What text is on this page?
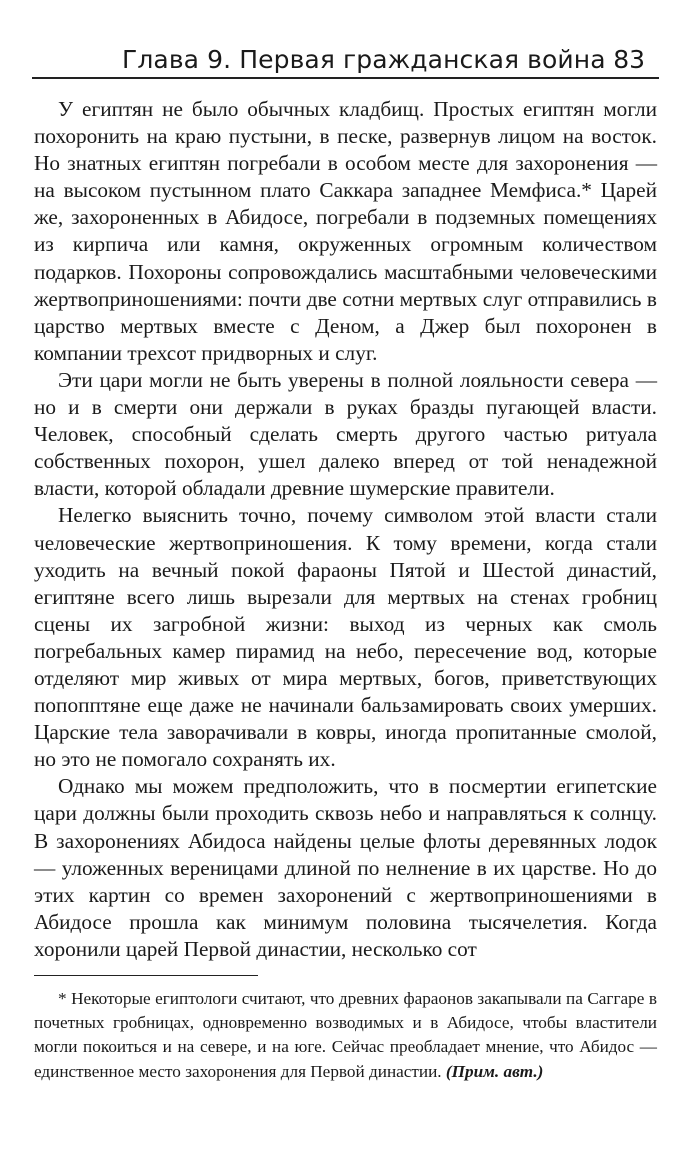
Глава 9. Первая гражданская война 83

У египтян не было обычных кладбищ. Простых египтян могли похоронить на краю пустыни, в песке, развернув лицом на восток. Но знатных египтян погребали в особом месте для захоронения — на высоком пустынном плато Саккара западнее Мемфиса.* Царей же, захороненных в Абидосе, погребали в подземных помещениях из кирпича или камня, окруженных огромным количеством подарков. Похороны сопровождались масштабными человеческими жертвоприношениями: почти две сотни мертвых слуг отправились в царство мертвых вместе с Деном, а Джер был похоронен в компании трехсот придворных и слуг.

Эти цари могли не быть уверены в полной лояльности севера — но и в смерти они держали в руках бразды пугающей власти. Человек, способный сделать смерть другого частью ритуала собственных похорон, ушел далеко вперед от той ненадежной власти, которой обладали древние шумерские правители.

Нелегко выяснить точно, почему символом этой власти стали человеческие жертвоприношения. К тому времени, когда стали уходить на вечный покой фараоны Пятой и Шестой династий, египтяне всего лишь вырезали для мертвых на стенах гробниц сцены их загробной жизни: выход из черных как смоль погребальных камер пирамид на небо, пересечение вод, которые отделяют мир живых от мира мертвых, богов, приветствующих попопптяне еще даже не начинали бальзамировать своих умерших. Царские тела заворачивали в ковры, иногда пропитанные смолой, но это не помогало сохранять их.

Однако мы можем предположить, что в посмертии египетские цари должны были проходить сквозь небо и направляться к солнцу. В захоронениях Абидоса найдены целые флоты деревянных лодок — уложенных вереницами длиной по нелнение в их царстве. Но до этих картин со времен захоронений с жертвоприношениями в Абидосе прошла как минимум половина тысячелетия. Когда хоронили царей Первой династии, несколько сот

* Некоторые египтологи считают, что древних фараонов закапывали па Саггаре в почетных гробницах, одновременно возводимых и в Абидосе, чтобы властители могли покоиться и на севере, и на юге. Сейчас преобладает мнение, что Абидос — единственное место захоронения для Первой династии. (Прим. авт.)
